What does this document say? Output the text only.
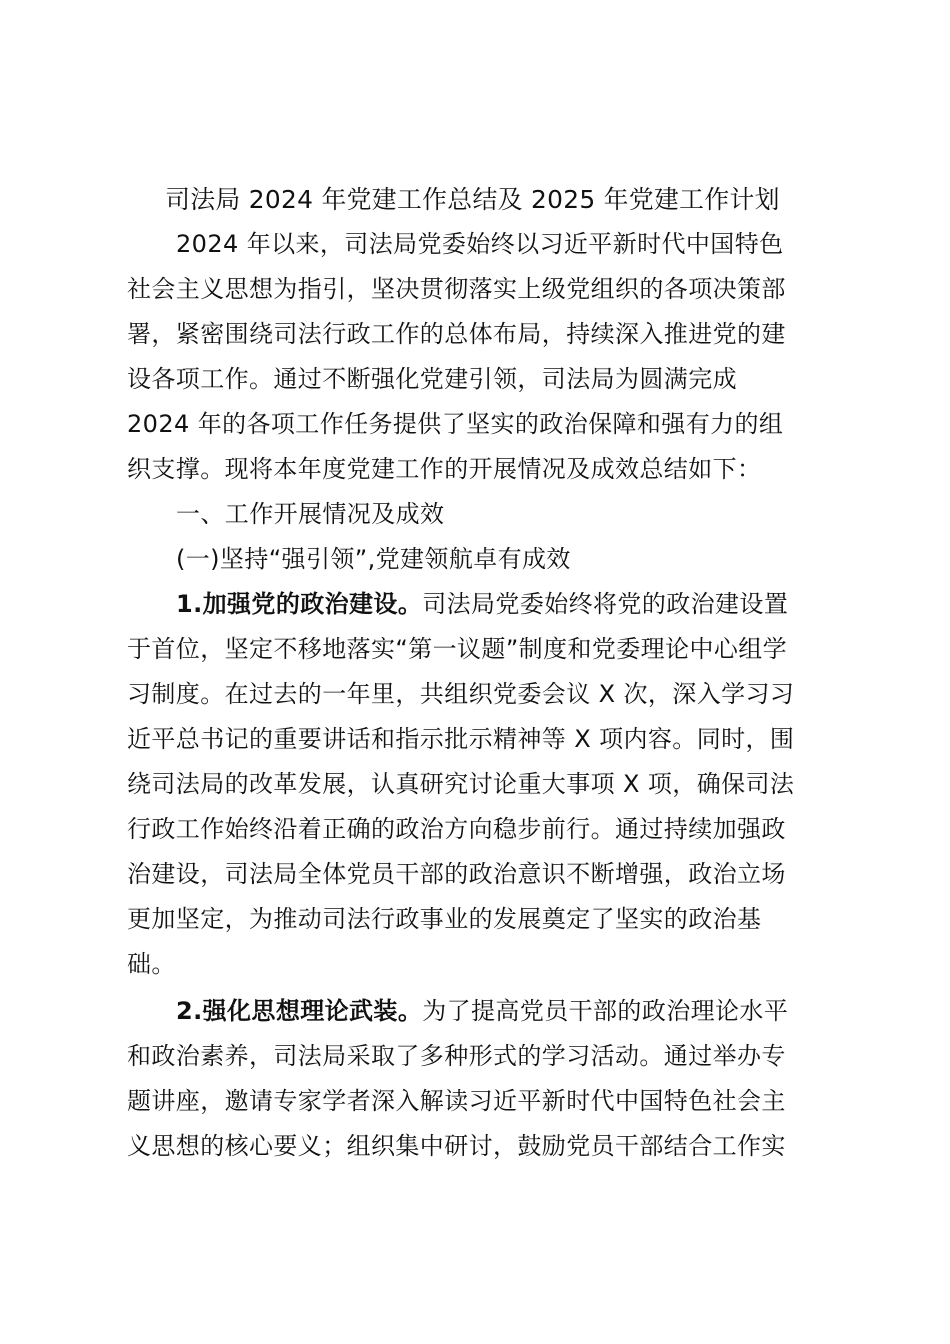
司法局 2024 年党建工作总结及 2025 年党建工作计划
2024 年以来，司法局党委始终以习近平新时代中国特色
社会主义思想为指引，坚决贯彻落实上级党组织的各项决策部
署，紧密围绕司法行政工作的总体布局，持续深入推进党的建
设各项工作。通过不断强化党建引领，司法局为圆满完成
2024 年的各项工作任务提供了坚实的政治保障和强有力的组
织支撑。现将本年度党建工作的开展情况及成效总结如下：
一、工作开展情况及成效
(一)坚持“强引领”,党建领航卓有成效
1.加强党的政治建设。司法局党委始终将党的政治建设置
于首位，坚定不移地落实“第一议题”制度和党委理论中心组学
习制度。在过去的一年里，共组织党委会议 X 次，深入学习习
近平总书记的重要讲话和指示批示精神等 X 项内容。同时，围
绕司法局的改革发展，认真研究讨论重大事项 X 项，确保司法
行政工作始终沿着正确的政治方向稳步前行。通过持续加强政
治建设，司法局全体党员干部的政治意识不断增强，政治立场
更加坚定，为推动司法行政事业的发展奠定了坚实的政治基
础。
2.强化思想理论武装。为了提高党员干部的政治理论水平
和政治素养，司法局采取了多种形式的学习活动。通过举办专
题讲座，邀请专家学者深入解读习近平新时代中国特色社会主
义思想的核心要义；组织集中研讨，鼓励党员干部结合工作实
